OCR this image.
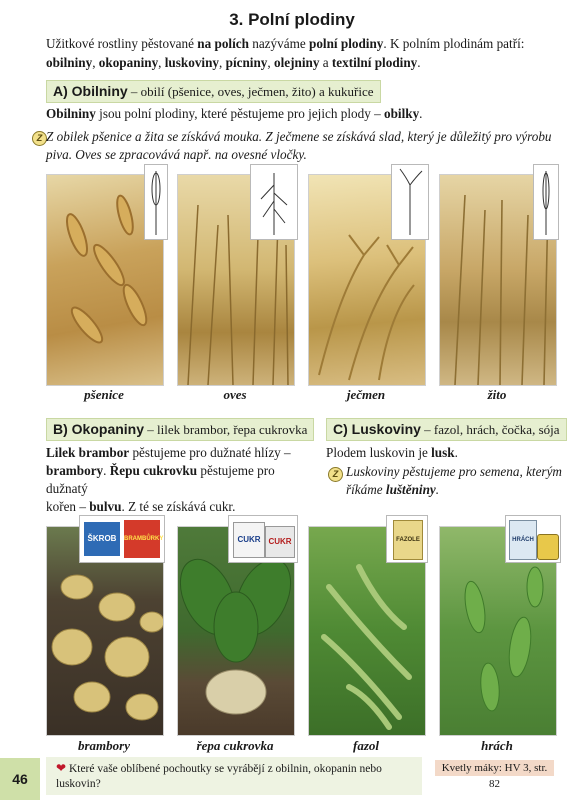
3. Polní plodiny
Užitkové rostliny pěstované na polích nazýváme polní plodiny. K polním plodinám patří: obilniny, okopaniny, luskoviny, pícniny, olejniny a textilní plodiny.
A) Obilniny – obilí (pšenice, oves, ječmen, žito) a kukuřice
Obilniny jsou polní plodiny, které pěstujeme pro jejich plody – obilky.
Z Z obilek pšenice a žita se získává mouka. Z ječmene se získává slad, který je důležitý pro výrobu
piva. Oves se zpracovává např. na ovesné vločky.
pšenice	oves	ječmen	žito
B) Okopaniny – lilek brambor, řepa cukrovka
Lilek brambor pěstujeme pro dužnaté hlízy –
brambory. Řepu cukrovku pěstujeme pro dužnatý
kořen – bulvu. Z té se získává cukr.
C) Luskoviny – fazol, hrách, čočka, sója
Plodem luskovin je lusk.
Z Luskoviny pěstujeme pro semena, kterým
říkáme luštěniny.
ŠKROB	BRAMBŮRKY	CUKR CUKR	FAZOLE	HRÁCH
brambory	řepa cukrovka	fazol	hrách
46
❤ Které vaše oblíbené pochoutky se vyrábějí z obilnin, okopanin nebo luskovin?
Kvetly máky: HV 3, str. 82
